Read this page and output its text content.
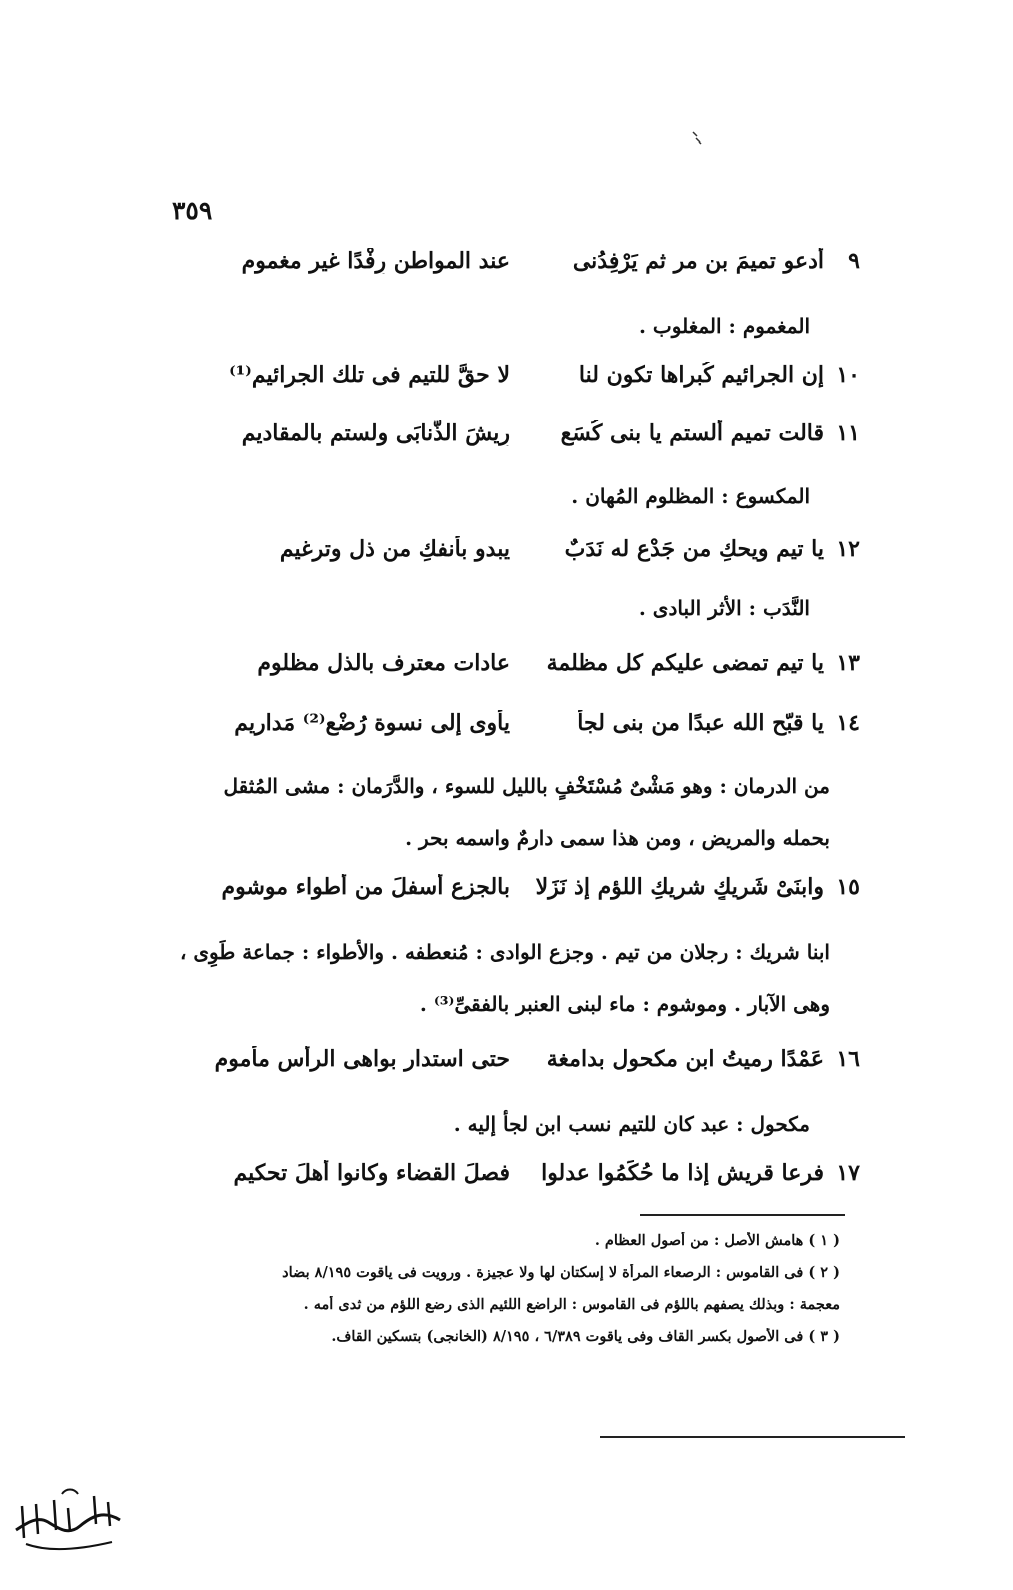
٣٥٩
٩
أدعو تميمَ بن مر ثم يَرْفِدُنى
عند المواطن رِفْدًا غير مغموم
المغموم : المغلوب .
١٠
إن الجرائيم كُبراها تكون لنا
لا حقَّ للتيم فى تلك الجرائيم⁽¹⁾
١١
قالت تميم ألستم يا بنى كُسَعٍ
رِيشَ الذُّنابَى ولستم بالمقاديم
المكسوع : المظلوم المُهان .
١٢
يا تيم ويحكِ من جَدْع له نَدَبٌ
يبدو بأنفكِ من ذل وترغيم
النَّدَب : الأثر البادى .
١٣
يا تيم تمضى عليكم كل مظلمة
عادات معترف بالذل مظلوم
١٤
يا قبّح الله عبدًا من بنى لجأ
يأوى إلى نسوة رُضْعٍ⁽²⁾ مَداريم
من الدرمان : وهو مَشْىٌ مُسْتَخْفٍ بالليل للسوء ، والدَّرَمان : مشى المُثقل بحمله والمريض ، ومن هذا سمى دارمٌ واسمه بحر .
١٥
وابنَىْ شَريكٍ شريكِ اللؤم إذ نَزَلا
بالجزع أسفلَ من أطواء موشوم
ابنا شريك : رجلان من تيم . وجزع الوادى : مُنعطفه . والأطواء : جماعة طَوِى ، وهى الآبار . وموشوم : ماء لبنى العنبر بالفقىِّ⁽³⁾ .
١٦
عَمْدًا رميتُ ابن مكحول بدامغة
حتى استدار بواهى الرأس مأموم
مكحول : عبد كان للتيم نسب ابن لجأ إليه .
١٧
فرعا قريش إذا ما حُكِّمُوا عدلوا
فصلَ القضاء وكانوا أهلَ تحكيم
( ١ ) هامش الأصل : من أصول العظام .
( ٢ ) فى القاموس : الرصعاء المرأة لا إسكتان لها ولا عجيزة . ورويت فى ياقوت ٨/١٩٥ بضاد
معجمة : وبذلك يصفهم باللؤم فى القاموس : الراضع اللئيم الذى رضع اللؤم من ثدى أمه .
( ٣ ) فى الأصول بكسر القاف وفى ياقوت ٦/٣٨٩ ، ٨/١٩٥ (الخانجى) بتسكين القاف.
